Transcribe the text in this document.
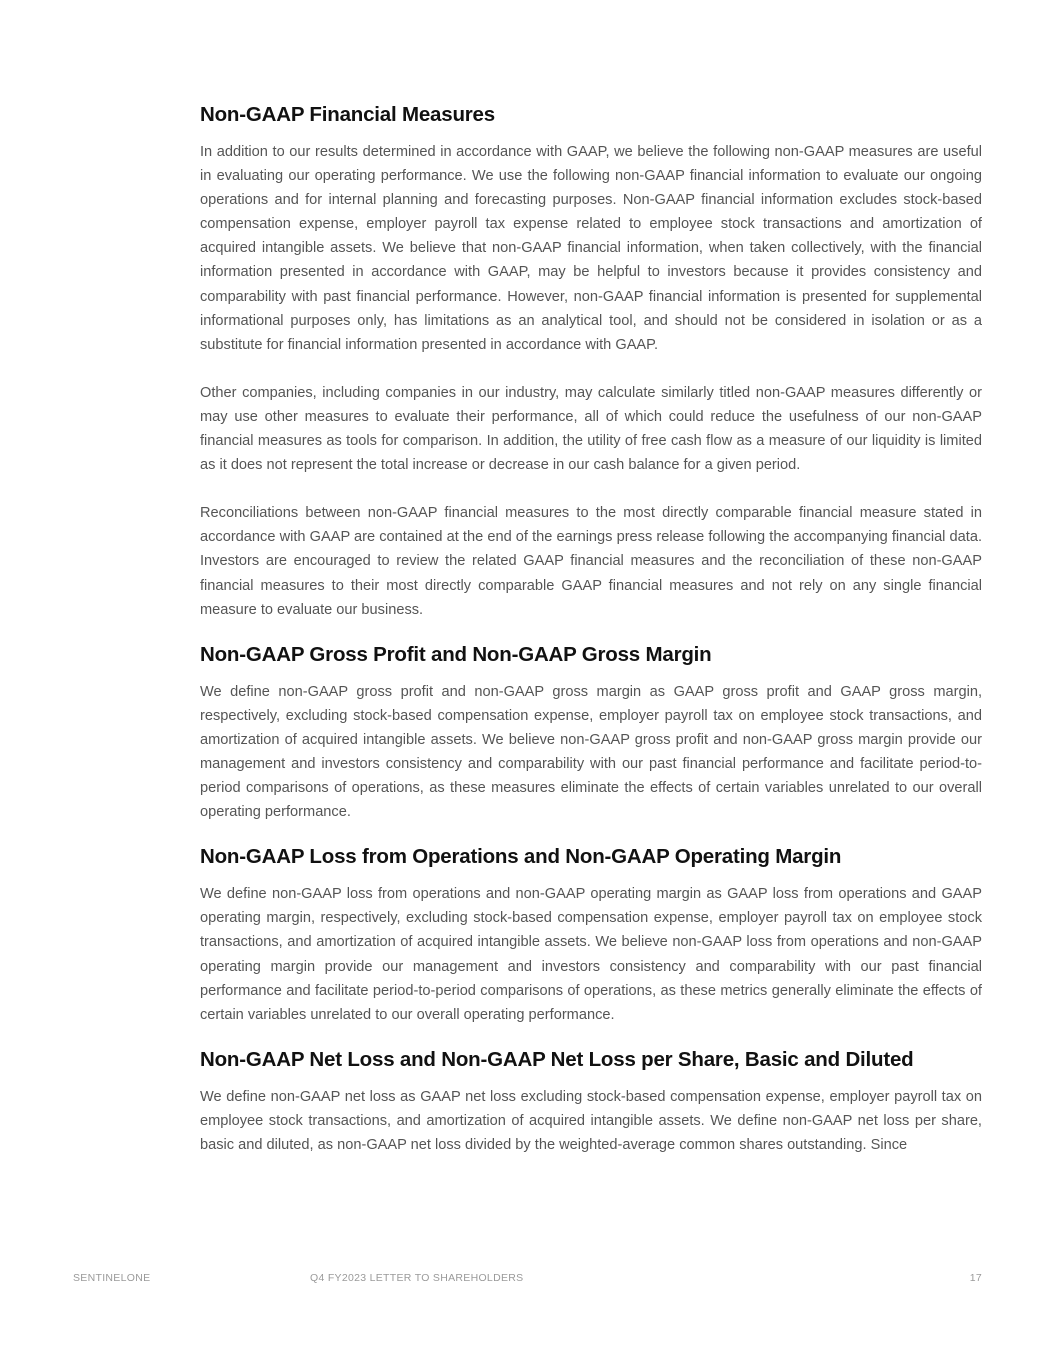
Non-GAAP Financial Measures

In addition to our results determined in accordance with GAAP, we believe the following non-GAAP measures are useful in evaluating our operating performance. We use the following non-GAAP financial information to evaluate our ongoing operations and for internal planning and forecasting purposes. Non-GAAP financial information excludes stock-based compensation expense, employer payroll tax expense related to employee stock transactions and amortization of acquired intangible assets. We believe that non-GAAP financial information, when taken collectively, with the financial information presented in accordance with GAAP, may be helpful to investors because it provides consistency and comparability with past financial performance. However, non-GAAP financial information is presented for supplemental informational purposes only, has limitations as an analytical tool, and should not be considered in isolation or as a substitute for financial information presented in accordance with GAAP.

Other companies, including companies in our industry, may calculate similarly titled non-GAAP measures differently or may use other measures to evaluate their performance, all of which could reduce the usefulness of our non-GAAP financial measures as tools for comparison. In addition, the utility of free cash flow as a measure of our liquidity is limited as it does not represent the total increase or decrease in our cash balance for a given period.

Reconciliations between non-GAAP financial measures to the most directly comparable financial measure stated in accordance with GAAP are contained at the end of the earnings press release following the accompanying financial data. Investors are encouraged to review the related GAAP financial measures and the reconciliation of these non-GAAP financial measures to their most directly comparable GAAP financial measures and not rely on any single financial measure to evaluate our business.

Non-GAAP Gross Profit and Non-GAAP Gross Margin

We define non-GAAP gross profit and non-GAAP gross margin as GAAP gross profit and GAAP gross margin, respectively, excluding stock-based compensation expense, employer payroll tax on employee stock transactions, and amortization of acquired intangible assets. We believe non-GAAP gross profit and non-GAAP gross margin provide our management and investors consistency and comparability with our past financial performance and facilitate period-to-period comparisons of operations, as these measures eliminate the effects of certain variables unrelated to our overall operating performance.

Non-GAAP Loss from Operations and Non-GAAP Operating Margin

We define non-GAAP loss from operations and non-GAAP operating margin as GAAP loss from operations and GAAP operating margin, respectively, excluding stock-based compensation expense, employer payroll tax on employee stock transactions, and amortization of acquired intangible assets. We believe non-GAAP loss from operations and non-GAAP operating margin provide our management and investors consistency and comparability with our past financial performance and facilitate period-to-period comparisons of operations, as these metrics generally eliminate the effects of certain variables unrelated to our overall operating performance.

Non-GAAP Net Loss and Non-GAAP Net Loss per Share, Basic and Diluted

We define non-GAAP net loss as GAAP net loss excluding stock-based compensation expense, employer payroll tax on employee stock transactions, and amortization of acquired intangible assets. We define non-GAAP net loss per share, basic and diluted, as non-GAAP net loss divided by the weighted-average common shares outstanding. Since

SENTINELONE	Q4 FY2023 LETTER TO SHAREHOLDERS	17
